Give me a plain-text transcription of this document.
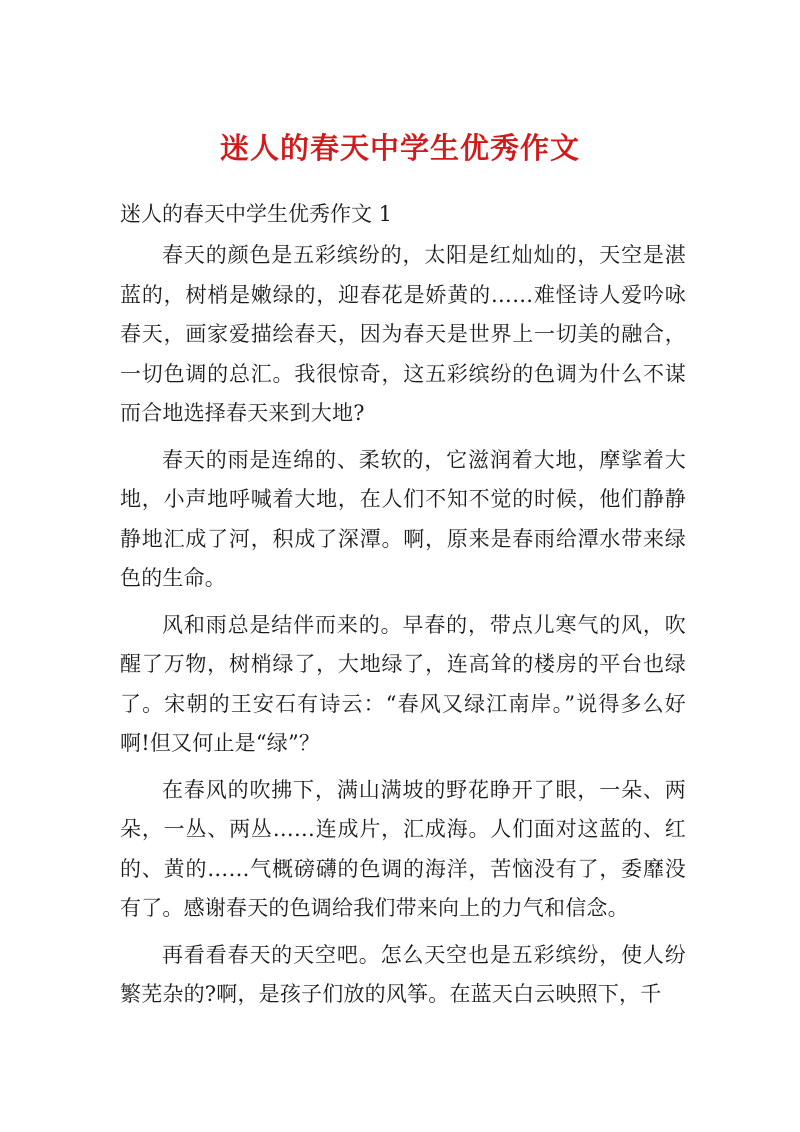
迷人的春天中学生优秀作文

迷人的春天中学生优秀作文 1

春天的颜色是五彩缤纷的，太阳是红灿灿的，天空是湛蓝的，树梢是嫩绿的，迎春花是娇黄的……难怪诗人爱吟咏春天，画家爱描绘春天，因为春天是世界上一切美的融合，一切色调的总汇。我很惊奇，这五彩缤纷的色调为什么不谋而合地选择春天来到大地?

春天的雨是连绵的、柔软的，它滋润着大地，摩挲着大地，小声地呼喊着大地，在人们不知不觉的时候，他们静静静地汇成了河，积成了深潭。啊，原来是春雨给潭水带来绿色的生命。

风和雨总是结伴而来的。早春的，带点儿寒气的风，吹醒了万物，树梢绿了，大地绿了，连高耸的楼房的平台也绿了。宋朝的王安石有诗云：“春风又绿江南岸。”说得多么好啊!但又何止是“绿”？

在春风的吹拂下，满山满坡的野花睁开了眼，一朵、两朵，一丛、两丛……连成片，汇成海。人们面对这蓝的、红的、黄的……气概磅礴的色调的海洋，苦恼没有了，委靡没有了。感谢春天的色调给我们带来向上的力气和信念。

再看看春天的天空吧。怎么天空也是五彩缤纷，使人纷繁芜杂的?啊，是孩子们放的风筝。在蓝天白云映照下，千
